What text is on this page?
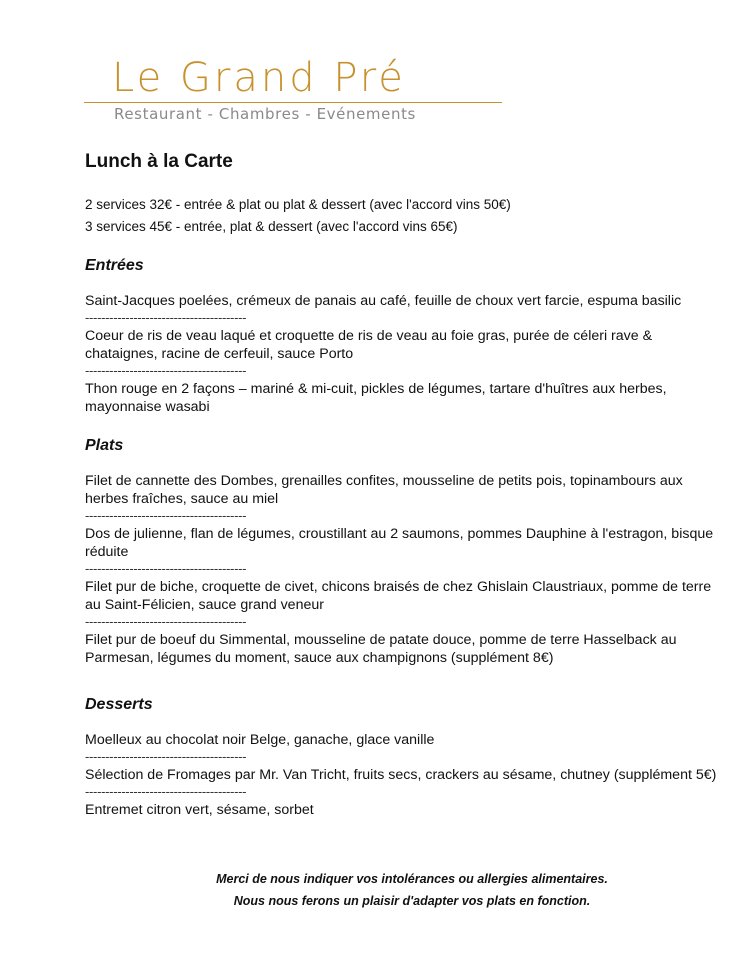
Le Grand Pré
Restaurant - Chambres - Evénements
Lunch à la Carte

2 services 32€ - entrée & plat ou plat & dessert (avec l'accord vins 50€)

3 services 45€ - entrée, plat & dessert (avec l'accord vins 65€)

Entrées

Saint-Jacques poelées, crémeux de panais au café, feuille de choux vert farcie, espuma basilic

----------------------------------------

Coeur de ris de veau laqué et croquette de ris de veau au foie gras, purée de céleri rave & chataignes, racine de cerfeuil, sauce Porto

----------------------------------------

Thon rouge en 2 façons – mariné & mi-cuit, pickles de légumes, tartare d'huîtres aux herbes, mayonnaise wasabi

Plats

Filet de cannette des Dombes, grenailles confites, mousseline de petits pois, topinambours aux herbes fraîches, sauce au miel

----------------------------------------

Dos de julienne, flan de légumes, croustillant au 2 saumons, pommes Dauphine à l'estragon, bisque réduite

----------------------------------------

Filet pur de biche, croquette de civet, chicons braisés de chez Ghislain Claustriaux, pomme de terre au Saint-Félicien, sauce grand veneur

----------------------------------------

Filet pur de boeuf du Simmental, mousseline de patate douce, pomme de terre Hasselback au Parmesan, légumes du moment, sauce aux champignons (supplément 8€)

Desserts

Moelleux au chocolat noir Belge, ganache, glace vanille

----------------------------------------

Sélection de Fromages par Mr. Van Tricht, fruits secs, crackers au sésame, chutney (supplément 5€)

----------------------------------------

Entremet citron vert, sésame, sorbet

Merci de nous indiquer vos intolérances ou allergies alimentaires.

Nous nous ferons un plaisir d'adapter vos plats en fonction.
